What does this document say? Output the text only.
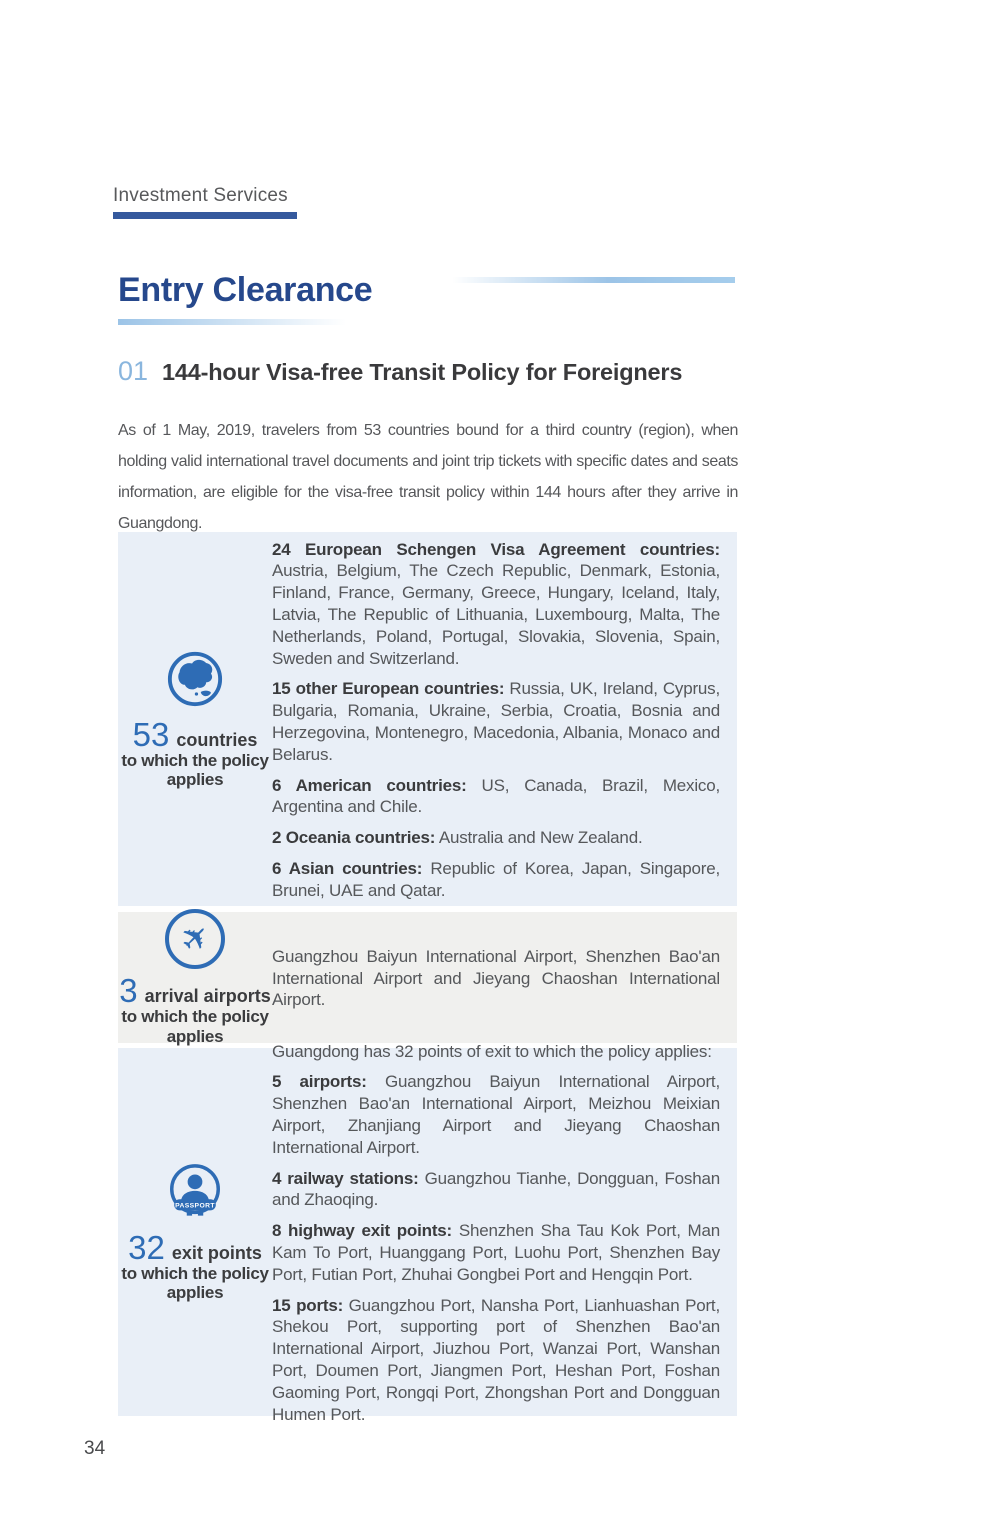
Investment Services
Entry Clearance
01 144-hour Visa-free Transit Policy for Foreigners

As of 1 May, 2019, travelers from 53 countries bound for a third country (region), when holding valid international travel documents and joint trip tickets with specific dates and seats information, are eligible for the visa-free transit policy within 144 hours after they arrive in Guangdong.

53 countries
to which the policy
applies

24 European Schengen Visa Agreement countries: Austria, Belgium, The Czech Republic, Denmark, Estonia, Finland, France, Germany, Greece, Hungary, Iceland, Italy, Latvia, The Republic of Lithuania, Luxembourg, Malta, The Netherlands, Poland, Portugal, Slovakia, Slovenia, Spain, Sweden and Switzerland.

15 other European countries: Russia, UK, Ireland, Cyprus, Bulgaria, Romania, Ukraine, Serbia, Croatia, Bosnia and Herzegovina, Montenegro, Macedonia, Albania, Monaco and Belarus.

6 American countries: US, Canada, Brazil, Mexico, Argentina and Chile.

2 Oceania countries: Australia and New Zealand.

6 Asian countries: Republic of Korea, Japan, Singapore, Brunei, UAE and Qatar.

✈
3 arrival airports
to which the policy
applies

Guangzhou Baiyun International Airport, Shenzhen Bao'an International Airport and Jieyang Chaoshan International Airport.

PASSPORT
32 exit points
to which the policy
applies

Guangdong has 32 points of exit to which the policy applies:

5 airports: Guangzhou Baiyun International Airport, Shenzhen Bao'an International Airport, Meizhou Meixian Airport, Zhanjiang Airport and Jieyang Chaoshan International Airport.

4 railway stations: Guangzhou Tianhe, Dongguan, Foshan and Zhaoqing.

8 highway exit points: Shenzhen Sha Tau Kok Port, Man Kam To Port, Huanggang Port, Luohu Port, Shenzhen Bay Port, Futian Port, Zhuhai Gongbei Port and Hengqin Port.

15 ports: Guangzhou Port, Nansha Port, Lianhuashan Port, Shekou Port, supporting port of Shenzhen Bao'an International Airport, Jiuzhou Port, Wanzai Port, Wanshan Port, Doumen Port, Jiangmen Port, Heshan Port, Foshan Gaoming Port, Rongqi Port, Zhongshan Port and Dongguan Humen Port.

34
